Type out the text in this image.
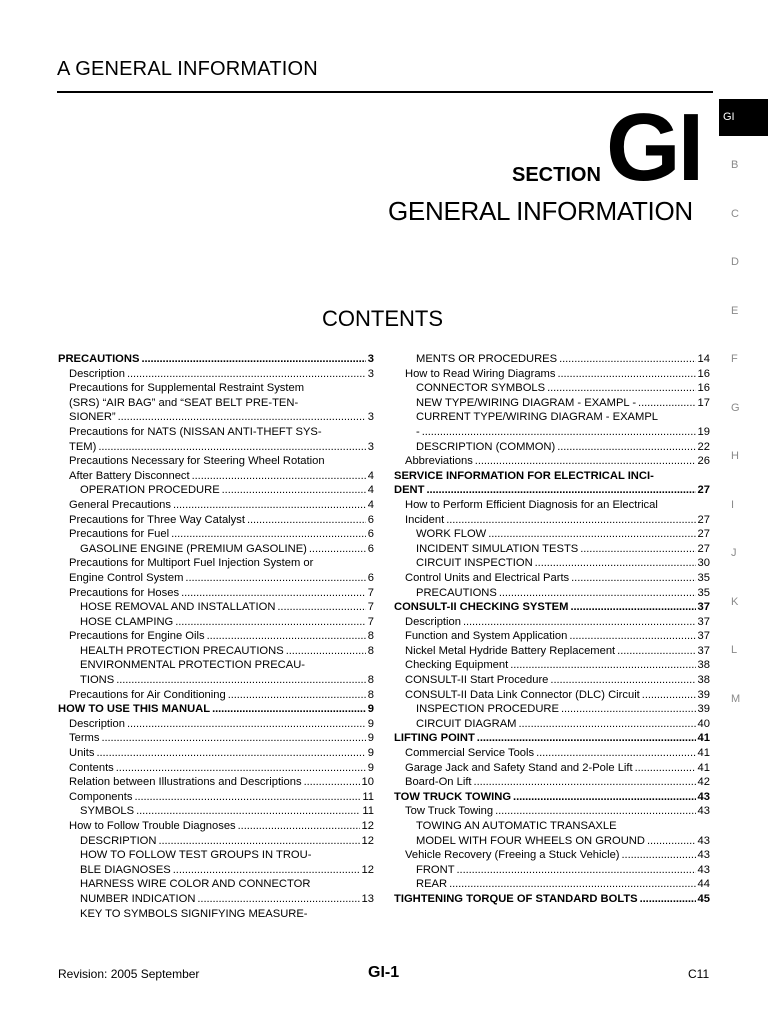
A GENERAL INFORMATION
GI
B
C
D
E
F
G
H
I
J
K
L
M
SECTION GI
GENERAL INFORMATION
CONTENTS
PRECAUTIONS . . .	3
Description . . .	3
Precautions for Supplemental Restraint System
(SRS) “AIR BAG” and “SEAT BELT PRE-TEN-
SIONER” . . .	3
Precautions for NATS (NISSAN ANTI-THEFT SYS-
TEM) . . .	3
Precautions Necessary for Steering Wheel Rotation
After Battery Disconnect . . .	4
OPERATION PROCEDURE . . .	4
General Precautions . . .	4
Precautions for Three Way Catalyst . . .	6
Precautions for Fuel . . .	6
GASOLINE ENGINE (PREMIUM GASOLINE) . . .	6
Precautions for Multiport Fuel Injection System or
Engine Control System . . .	6
Precautions for Hoses . . .	7
HOSE REMOVAL AND INSTALLATION . . .	7
HOSE CLAMPING . . .	7
Precautions for Engine Oils . . .	8
HEALTH PROTECTION PRECAUTIONS . . .	8
ENVIRONMENTAL PROTECTION PRECAU-
TIONS . . .	8
Precautions for Air Conditioning . . .	8
HOW TO USE THIS MANUAL . . .	9
Description . . .	9
Terms . . .	9
Units . . .	9
Contents . . .	9
Relation between Illustrations and Descriptions . . .	10
Components . . .	11
SYMBOLS . . .	11
How to Follow Trouble Diagnoses . . .	12
DESCRIPTION . . .	12
HOW TO FOLLOW TEST GROUPS IN TROU-
BLE DIAGNOSES . . .	12
HARNESS WIRE COLOR AND CONNECTOR
NUMBER INDICATION . . .	13
KEY TO SYMBOLS SIGNIFYING MEASURE-
MENTS OR PROCEDURES . . .	14
How to Read Wiring Diagrams . . .	16
CONNECTOR SYMBOLS . . .	16
NEW TYPE/WIRING DIAGRAM - EXAMPL - . . .	17
CURRENT TYPE/WIRING DIAGRAM - EXAMPL
- . . .	19
DESCRIPTION (COMMON) . . .	22
Abbreviations . . .	26
SERVICE INFORMATION FOR ELECTRICAL INCI-
DENT . . .	27
How to Perform Efficient Diagnosis for an Electrical
Incident . . .	27
WORK FLOW . . .	27
INCIDENT SIMULATION TESTS . . .	27
CIRCUIT INSPECTION . . .	30
Control Units and Electrical Parts . . .	35
PRECAUTIONS . . .	35
CONSULT-II CHECKING SYSTEM . . .	37
Description . . .	37
Function and System Application . . .	37
Nickel Metal Hydride Battery Replacement . . .	37
Checking Equipment . . .	38
CONSULT-II Start Procedure . . .	38
CONSULT-II Data Link Connector (DLC) Circuit . . .	39
INSPECTION PROCEDURE . . .	39
CIRCUIT DIAGRAM . . .	40
LIFTING POINT . . .	41
Commercial Service Tools . . .	41
Garage Jack and Safety Stand and 2-Pole Lift . . .	41
Board-On Lift . . .	42
TOW TRUCK TOWING . . .	43
Tow Truck Towing . . .	43
TOWING AN AUTOMATIC TRANSAXLE
MODEL WITH FOUR WHEELS ON GROUND . . .	43
Vehicle Recovery (Freeing a Stuck Vehicle) . . .	43
FRONT . . .	43
REAR . . .	44
TIGHTENING TORQUE OF STANDARD BOLTS . . .	45
Revision: 2005 September	GI-1	C11
